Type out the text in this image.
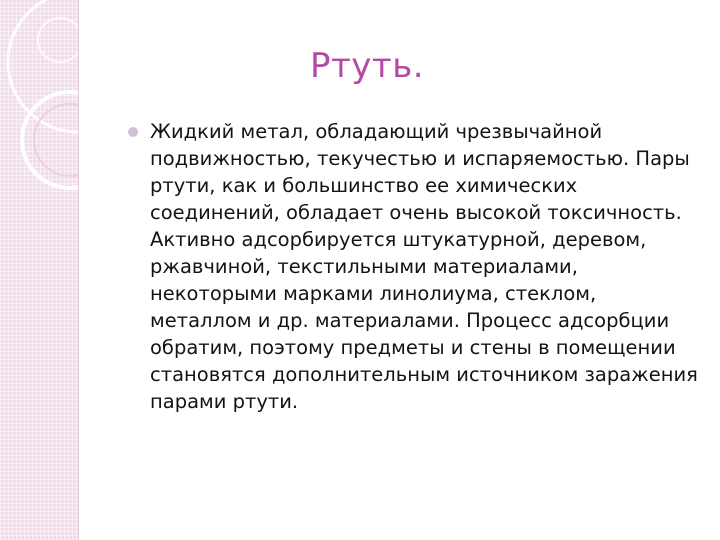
Ртуть.
Жидкий метал, обладающий чрезвычайной подвижностью, текучестью и испаряемостью. Пары ртути, как и большинство ее химических соединений, обладает очень высокой токсичность. Активно адсорбируется штукатурной, деревом, ржавчиной, текстильными материалами, некоторыми марками линолиума, стеклом, металлом и др. материалами. Процесс адсорбции обратим, поэтому предметы и стены в помещении становятся дополнительным источником заражения парами ртути.
